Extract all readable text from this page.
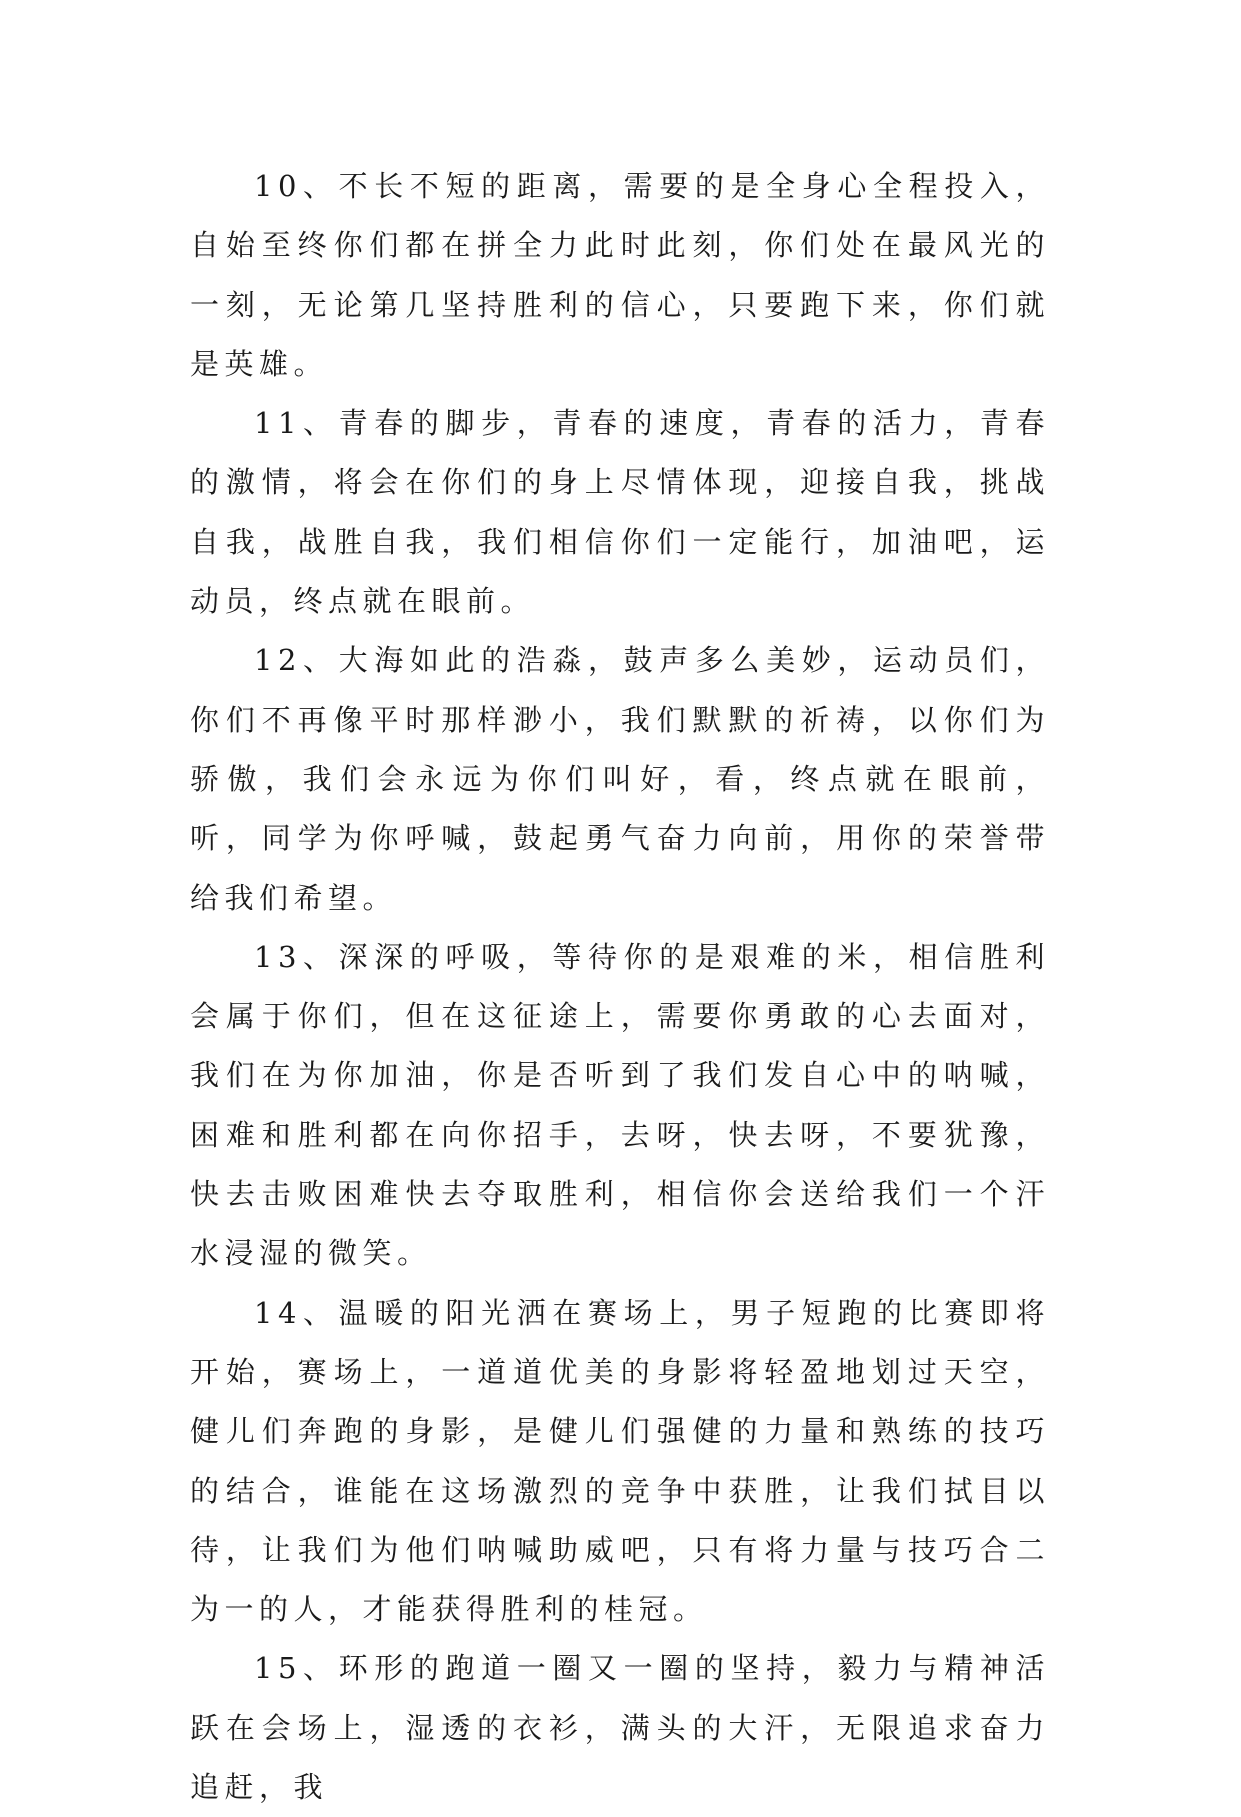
10、不长不短的距离，需要的是全身心全程投入，自始至终你们都在拼全力此时此刻，你们处在最风光的一刻，无论第几坚持胜利的信心，只要跑下来，你们就是英雄。

11、青春的脚步，青春的速度，青春的活力，青春的激情，将会在你们的身上尽情体现，迎接自我，挑战自我，战胜自我，我们相信你们一定能行，加油吧，运动员，终点就在眼前。

12、大海如此的浩淼，鼓声多么美妙，运动员们，你们不再像平时那样渺小，我们默默的祈祷，以你们为骄傲，我们会永远为你们叫好，看，终点就在眼前，听，同学为你呼喊，鼓起勇气奋力向前，用你的荣誉带给我们希望。

13、深深的呼吸，等待你的是艰难的米，相信胜利会属于你们，但在这征途上，需要你勇敢的心去面对，我们在为你加油，你是否听到了我们发自心中的呐喊，困难和胜利都在向你招手，去呀，快去呀，不要犹豫，快去击败困难快去夺取胜利，相信你会送给我们一个汗水浸湿的微笑。

14、温暖的阳光洒在赛场上，男子短跑的比赛即将开始，赛场上，一道道优美的身影将轻盈地划过天空，健儿们奔跑的身影，是健儿们强健的力量和熟练的技巧的结合，谁能在这场激烈的竞争中获胜，让我们拭目以待，让我们为他们呐喊助威吧，只有将力量与技巧合二为一的人，才能获得胜利的桂冠。

15、环形的跑道一圈又一圈的坚持，毅力与精神活跃在会场上，湿透的衣衫，满头的大汗，无限追求奋力追赶，我
